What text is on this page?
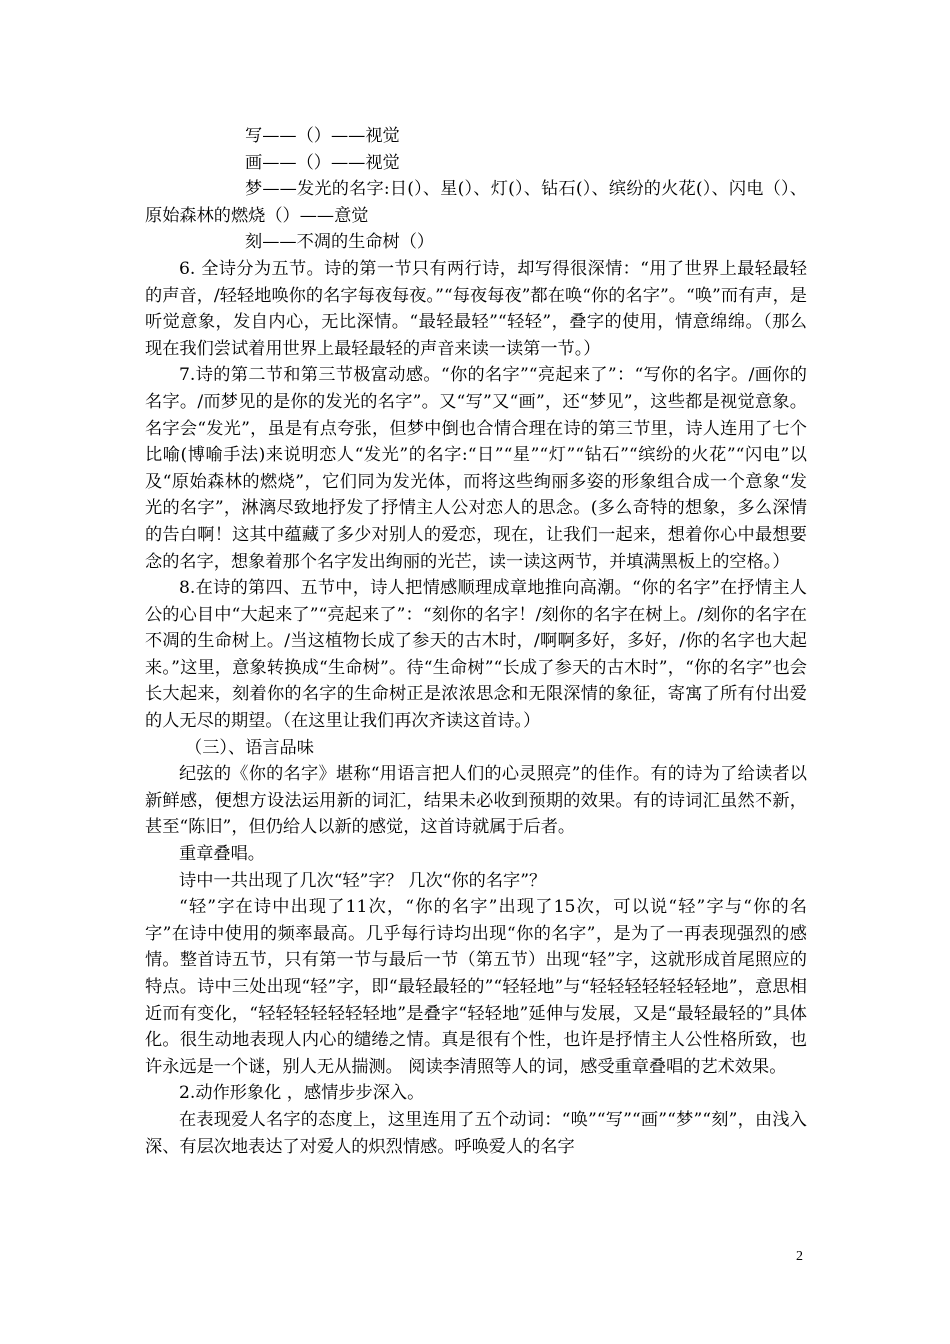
写——（）——视觉

画——（）——视觉

梦——发光的名字:日(）、星(）、灯(）、钻石(）、缤纷的火花(）、闪电（）、原始森林的燃烧（）——意觉

刻——不凋的生命树（）

6. 全诗分为五节。诗的第一节只有两行诗，却写得很深情：“用了世界上最轻最轻的声音，/轻轻地唤你的名字每夜每夜。”“每夜每夜”都在唤“你的名字”。“唤”而有声，是听觉意象，发自内心，无比深情。“最轻最轻”“轻轻”，叠字的使用，情意绵绵。（那么现在我们尝试着用世界上最轻最轻的声音来读一读第一节。）

7.诗的第二节和第三节极富动感。“你的名字”“亮起来了”：“写你的名字。/画你的名字。/而梦见的是你的发光的名字”。又“写”又“画”，还“梦见”，这些都是视觉意象。名字会“发光”，虽是有点夸张，但梦中倒也合情合理在诗的第三节里，诗人连用了七个比喻(博喻手法)来说明恋人“发光”的名字:“日”“星”“灯”“钻石”“缤纷的火花”“闪电”以及“原始森林的燃烧”，它们同为发光体，而将这些绚丽多姿的形象组合成一个意象“发光的名字”，淋漓尽致地抒发了抒情主人公对恋人的思念。(多么奇特的想象，多么深情的告白啊！这其中蕴藏了多少对别人的爱恋，现在，让我们一起来，想着你心中最想要念的名字，想象着那个名字发出绚丽的光芒，读一读这两节，并填满黑板上的空格。）

8.在诗的第四、五节中，诗人把情感顺理成章地推向高潮。“你的名字”在抒情主人公的心目中“大起来了”“亮起来了”：“刻你的名字！/刻你的名字在树上。/刻你的名字在不凋的生命树上。/当这植物长成了参天的古木时，/啊啊多好，多好，/你的名字也大起来。”这里，意象转换成“生命树”。待“生命树”“长成了参天的古木时”，“你的名字”也会长大起来，刻着你的名字的生命树正是浓浓思念和无限深情的象征，寄寓了所有付出爱的人无尽的期望。（在这里让我们再次齐读这首诗。）

（三）、语言品味

纪弦的《你的名字》堪称“用语言把人们的心灵照亮”的佳作。有的诗为了给读者以新鲜感，便想方设法运用新的词汇，结果未必收到预期的效果。有的诗词汇虽然不新，甚至“陈旧”，但仍给人以新的感觉，这首诗就属于后者。

重章叠唱。

诗中一共出现了几次“轻”字？ 几次“你的名字”？

“轻”字在诗中出现了11次，“你的名字”出现了15次，可以说“轻”字与“你的名字”在诗中使用的频率最高。几乎每行诗均出现“你的名字”，是为了一再表现强烈的感情。整首诗五节，只有第一节与最后一节（第五节）出现“轻”字，这就形成首尾照应的特点。诗中三处出现“轻”字，即“最轻最轻的”“轻轻地”与“轻轻轻轻轻轻轻地”，意思相近而有变化，“轻轻轻轻轻轻轻地”是叠字“轻轻地”延伸与发展，又是“最轻最轻的”具体化。很生动地表现人内心的缱绻之情。真是很有个性，也许是抒情主人公性格所致，也许永远是一个谜，别人无从揣测。 阅读李清照等人的词，感受重章叠唱的艺术效果。

2.动作形象化 ，感情步步深入。

在表现爱人名字的态度上，这里连用了五个动词：“唤”“写”“画”“梦”“刻”，由浅入深、有层次地表达了对爱人的炽烈情感。呼唤爱人的名字

2
